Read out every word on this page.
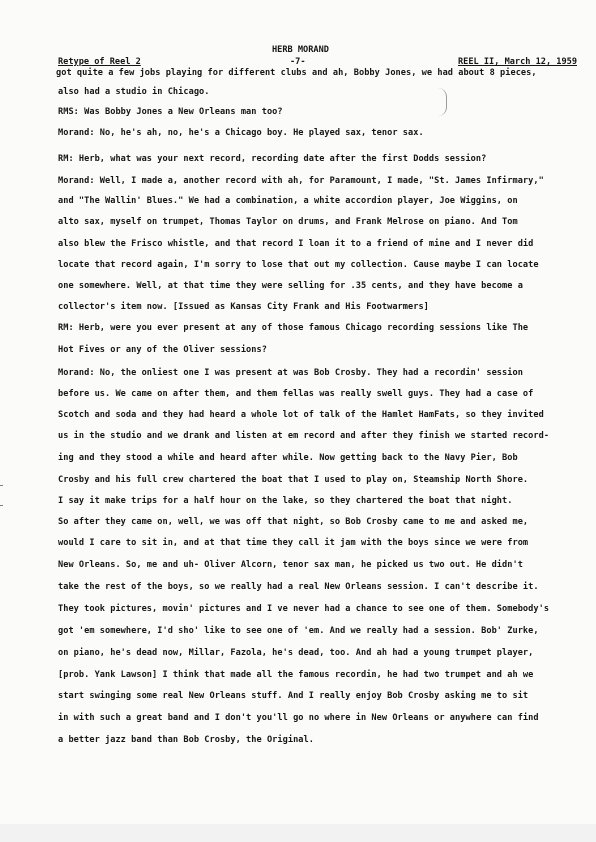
HERB MORAND
Retype of Reel 2	-7-	REEL II, March 12, 1959
got quite a few jobs playing for different clubs and ah, Bobby Jones, we had about 8 pieces,
also had a studio in Chicago.
RMS: Was Bobby Jones a New Orleans man too?
Morand: No, he's ah, no, he's a Chicago boy. He played sax, tenor sax.
RM: Herb, what was your next record, recording date after the first Dodds session?
Morand: Well, I made a, another record with ah, for Paramount, I made, "St. James Infirmary,"
and "The Wallin' Blues." We had a combination, a white accordion player, Joe Wiggins, on
alto sax, myself on trumpet, Thomas Taylor on drums, and Frank Melrose on piano. And Tom
also blew the Frisco whistle, and that record I loan it to a friend of mine and I never did
locate that record again, I'm sorry to lose that out my collection. Cause maybe I can locate
one somewhere. Well, at that time they were selling for .35 cents, and they have become a
collector's item now. [Issued as Kansas City Frank and His Footwarmers]
RM: Herb, were you ever present at any of those famous Chicago recording sessions like The
Hot Fives or any of the Oliver sessions?
Morand: No, the onliest one I was present at was Bob Crosby. They had a recordin' session
before us. We came on after them, and them fellas was really swell guys. They had a case of
Scotch and soda and they had heard a whole lot of talk of the Hamlet HamFats, so they invited
us in the studio and we drank and listen at em record and after they finish we started record-
ing and they stood a while and heard after while. Now getting back to the Navy Pier, Bob
Crosby and his full crew chartered the boat that I used to play on, Steamship North Shore.
I say it make trips for a half hour on the lake, so they chartered the boat that night.
So after they came on, well, we was off that night, so Bob Crosby came to me and asked me,
would I care to sit in, and at that time they call it jam with the boys since we were from
New Orleans. So, me and uh- Oliver Alcorn, tenor sax man, he picked us two out. He didn't
take the rest of the boys, so we really had a real New Orleans session. I can't describe it.
They took pictures, movin' pictures and I ve never had a chance to see one of them. Somebody's
got 'em somewhere, I'd sho' like to see one of 'em. And we really had a session. Bob' Zurke,
on piano, he's dead now, Millar, Fazola, he's dead, too. And ah had a young trumpet player,
[prob. Yank Lawson] I think that made all the famous recordin, he had two trumpet and ah we
start swinging some real New Orleans stuff. And I really enjoy Bob Crosby asking me to sit
in with such a great band and I don't you'll go no where in New Orleans or anywhere can find
a better jazz band than Bob Crosby, the Original.
